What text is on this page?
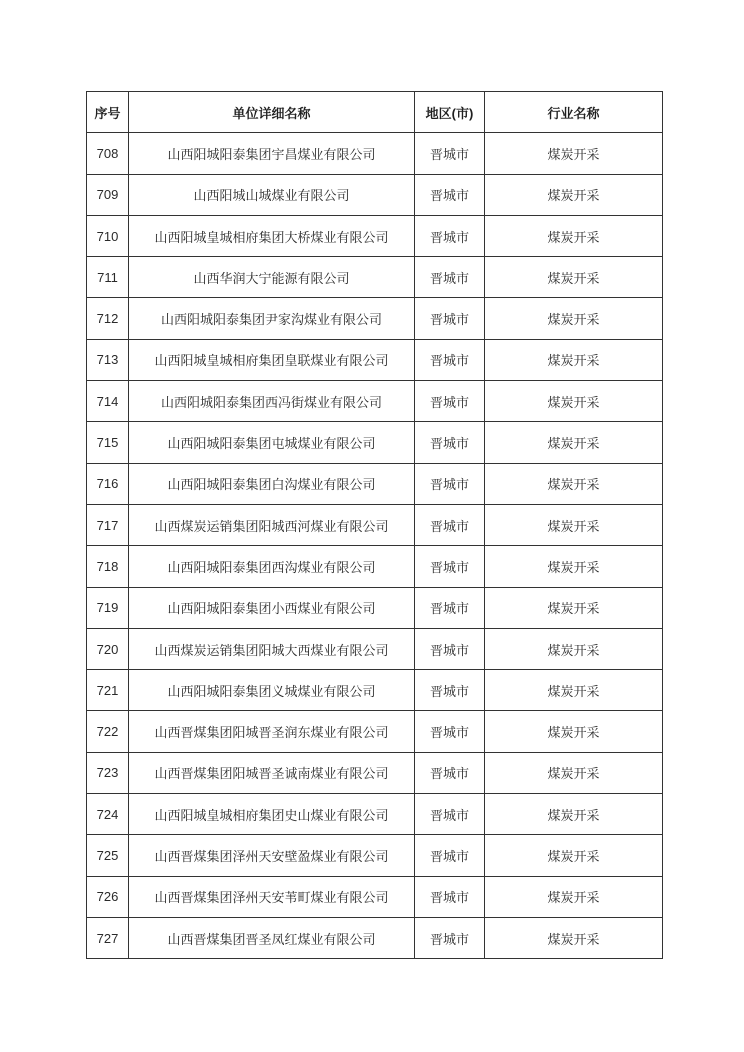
序号	单位详细名称	地区(市)	行业名称
708	山西阳城阳泰集团宇昌煤业有限公司	晋城市	煤炭开采
709	山西阳城山城煤业有限公司	晋城市	煤炭开采
710	山西阳城皇城相府集团大桥煤业有限公司	晋城市	煤炭开采
711	山西华润大宁能源有限公司	晋城市	煤炭开采
712	山西阳城阳泰集团尹家沟煤业有限公司	晋城市	煤炭开采
713	山西阳城皇城相府集团皇联煤业有限公司	晋城市	煤炭开采
714	山西阳城阳泰集团西冯街煤业有限公司	晋城市	煤炭开采
715	山西阳城阳泰集团屯城煤业有限公司	晋城市	煤炭开采
716	山西阳城阳泰集团白沟煤业有限公司	晋城市	煤炭开采
717	山西煤炭运销集团阳城西河煤业有限公司	晋城市	煤炭开采
718	山西阳城阳泰集团西沟煤业有限公司	晋城市	煤炭开采
719	山西阳城阳泰集团小西煤业有限公司	晋城市	煤炭开采
720	山西煤炭运销集团阳城大西煤业有限公司	晋城市	煤炭开采
721	山西阳城阳泰集团义城煤业有限公司	晋城市	煤炭开采
722	山西晋煤集团阳城晋圣润东煤业有限公司	晋城市	煤炭开采
723	山西晋煤集团阳城晋圣诚南煤业有限公司	晋城市	煤炭开采
724	山西阳城皇城相府集团史山煤业有限公司	晋城市	煤炭开采
725	山西晋煤集团泽州天安壁盈煤业有限公司	晋城市	煤炭开采
726	山西晋煤集团泽州天安苇町煤业有限公司	晋城市	煤炭开采
727	山西晋煤集团晋圣凤红煤业有限公司	晋城市	煤炭开采
